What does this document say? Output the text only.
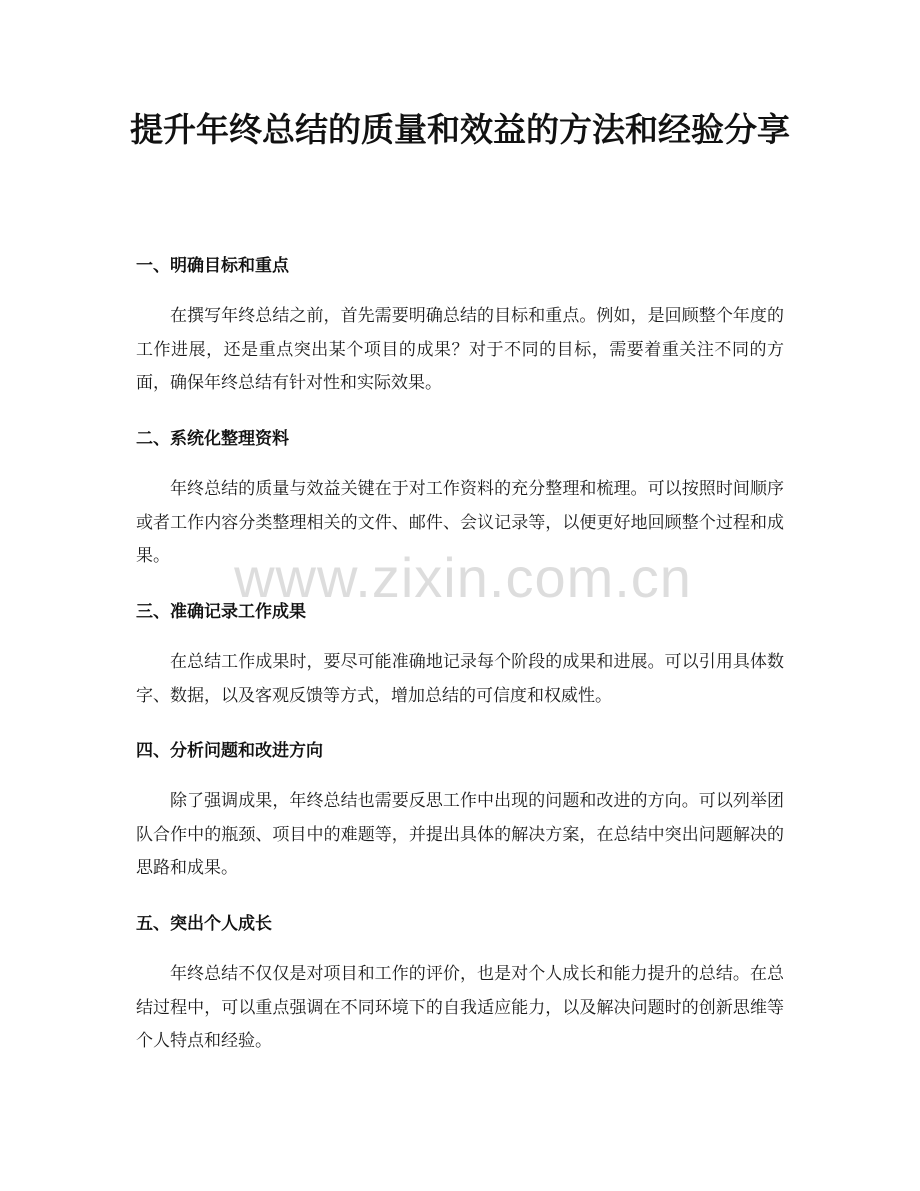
提升年终总结的质量和效益的方法和经验分享
一、明确目标和重点
在撰写年终总结之前，首先需要明确总结的目标和重点。例如，是回顾整个年度的工作进展，还是重点突出某个项目的成果？对于不同的目标，需要着重关注不同的方面，确保年终总结有针对性和实际效果。
二、系统化整理资料
年终总结的质量与效益关键在于对工作资料的充分整理和梳理。可以按照时间顺序或者工作内容分类整理相关的文件、邮件、会议记录等，以便更好地回顾整个过程和成果。
三、准确记录工作成果
在总结工作成果时，要尽可能准确地记录每个阶段的成果和进展。可以引用具体数字、数据，以及客观反馈等方式，增加总结的可信度和权威性。
四、分析问题和改进方向
除了强调成果，年终总结也需要反思工作中出现的问题和改进的方向。可以列举团队合作中的瓶颈、项目中的难题等，并提出具体的解决方案，在总结中突出问题解决的思路和成果。
五、突出个人成长
年终总结不仅仅是对项目和工作的评价，也是对个人成长和能力提升的总结。在总结过程中，可以重点强调在不同环境下的自我适应能力，以及解决问题时的创新思维等个人特点和经验。
www.zixin.com.cn
